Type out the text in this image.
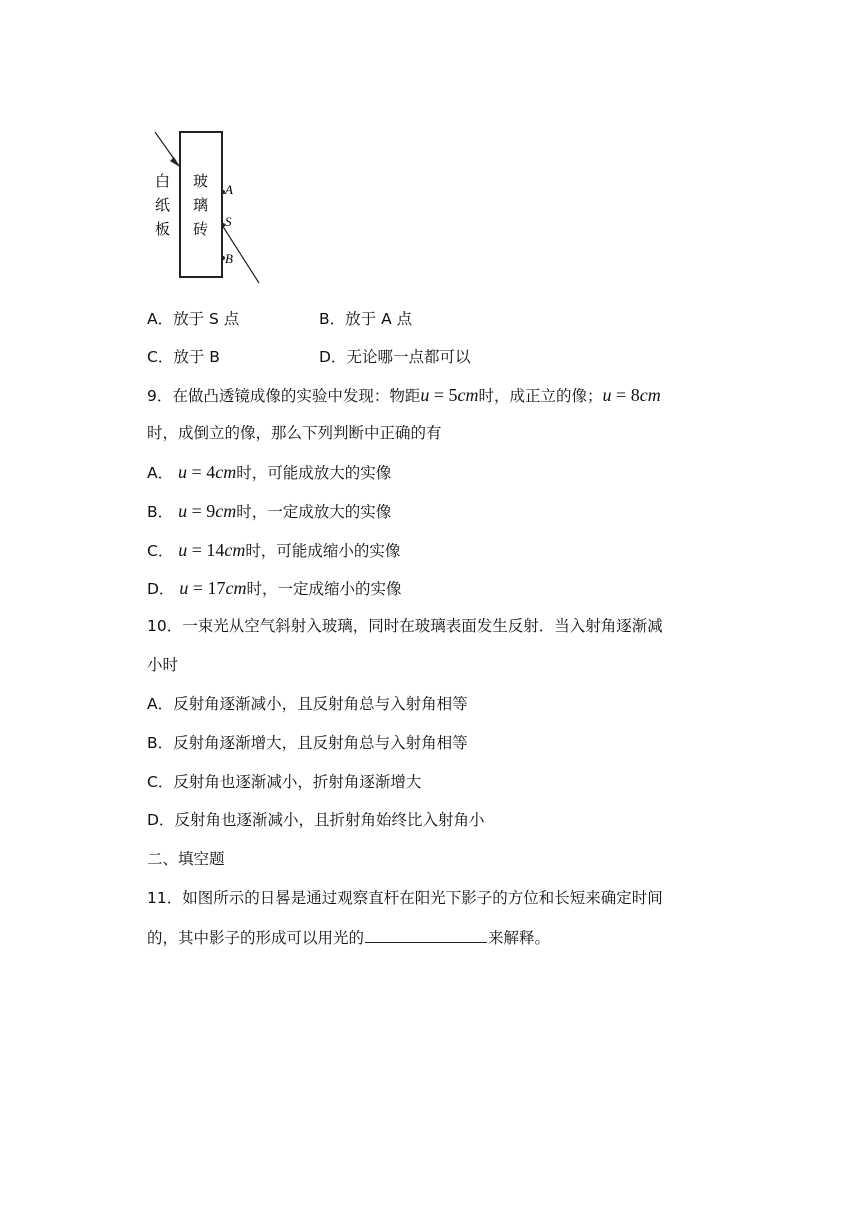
白
纸
板
玻
璃
砖
A
S
B
A．放于 S 点	B．放于 A 点
C．放于 B	D．无论哪一点都可以
9．在做凸透镜成像的实验中发现：物距u = 5cm时，成正立的像；u = 8cm
时，成倒立的像，那么下列判断中正确的有
A． u = 4cm时，可能成放大的实像
B． u = 9cm时，一定成放大的实像
C． u = 14cm时，可能成缩小的实像
D． u = 17cm时，一定成缩小的实像
10．一束光从空气斜射入玻璃，同时在玻璃表面发生反射．当入射角逐渐减
小时
A．反射角逐渐减小，且反射角总与入射角相等
B．反射角逐渐增大，且反射角总与入射角相等
C．反射角也逐渐减小，折射角逐渐增大
D．反射角也逐渐减小，且折射角始终比入射角小
二、填空题
11．如图所示的日晷是通过观察直杆在阳光下影子的方位和长短来确定时间
的，其中影子的形成可以用光的	来解释。
